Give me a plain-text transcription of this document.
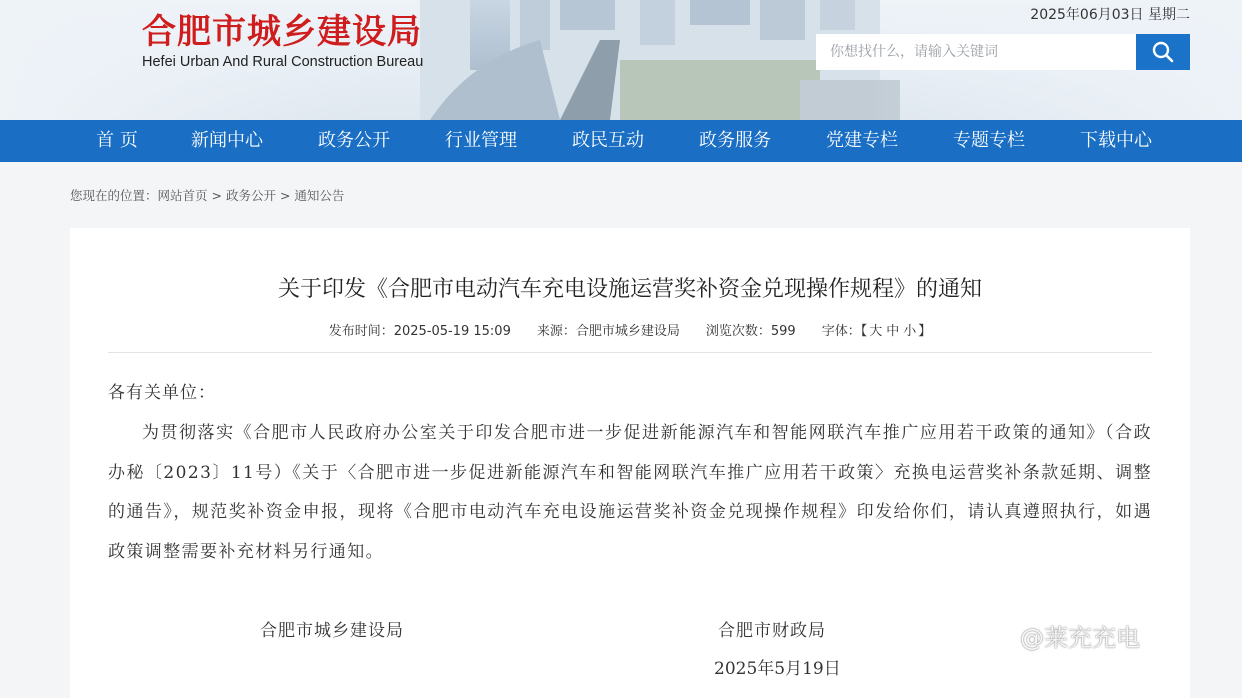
合肥市城乡建设局
Hefei Urban And Rural Construction Bureau
2025年06月03日 星期二
你想找什么，请输入关键词
首 页	新闻中心	政务公开	行业管理	政民互动	政务服务	党建专栏	专题专栏	下载中心
您现在的位置：网站首页 > 政务公开 > 通知公告
关于印发《合肥市电动汽车充电设施运营奖补资金兑现操作规程》的通知
发布时间：2025-05-19 15:09 来源：合肥市城乡建设局 浏览次数：599 字体：【 大 中 小 】
各有关单位：
为贯彻落实《合肥市人民政府办公室关于印发合肥市进一步促进新能源汽车和智能网联汽车推广应用若干政策的通知》（合政办秘〔2023〕11号）《关于〈合肥市进一步促进新能源汽车和智能网联汽车推广应用若干政策〉充换电运营奖补条款延期、调整的通告》，规范奖补资金申报，现将《合肥市电动汽车充电设施运营奖补资金兑现操作规程》印发给你们，请认真遵照执行，如遇政策调整需要补充材料另行通知。
合肥市城乡建设局	合肥市财政局
2025年5月19日
@莱充充电
